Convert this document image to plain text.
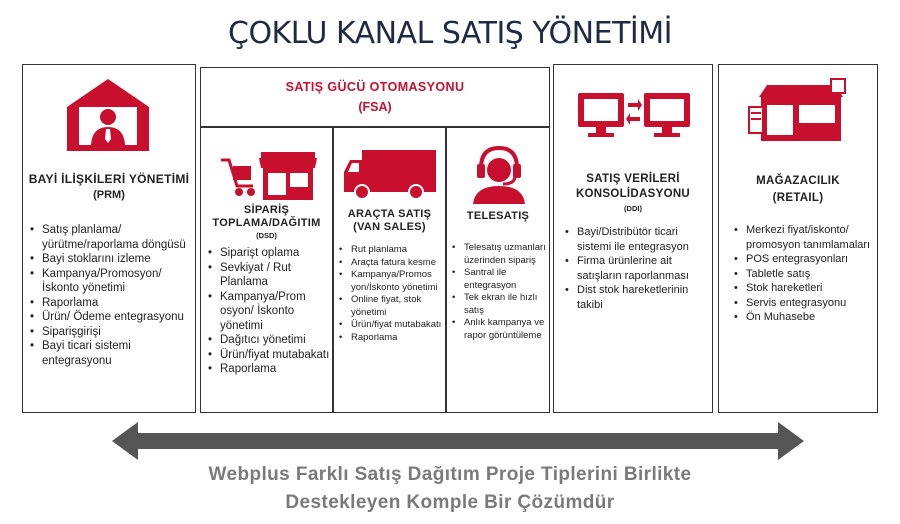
ÇOKLU KANAL SATIŞ YÖNETİMİ
BAYİ İLİŞKİLERİ YÖNETİMİ
(PRM)
• Satış planlama/ yürütme/raporlama döngüsü
• Bayi stoklarını izleme
• Kampanya/Promosyon/ İskonto yönetimi
• Raporlama
• Ürün/ Ödeme entegrasyonu
• Siparişgirişi
• Bayi ticari sistemi entegrasyonu
SATIŞ GÜCÜ OTOMASYONU
(FSA)
SİPARİŞ
TOPLAMA/DAĞITIM
(DSD)
• Siparişt oplama
• Sevkiyat / Rut Planlama
• Kampanya/Prom osyon/ İskonto yönetimi
• Dağıtıcı yönetimi
• Ürün/fiyat mutabakatı
• Raporlama
ARAÇTA SATIŞ
(VAN SALES)
• Rut planlama
• Araçta fatura kesme
• Kampanya/Promos yon/İskonto yönetimi
• Online fiyat, stok yönetimi
• Ürün/fiyat mutabakatı
• Raporlama
TELESATIŞ
• Telesatış uzmanları üzerinden sipariş
• Santral ile entegrasyon
• Tek ekran ile hızlı satış
• Anlık kampanya ve rapor görüntüleme
SATIŞ VERİLERİ
KONSOLİDASYONU
(DDI)
• Bayi/Distribütör ticari sistemi ile entegrasyon
• Firma ürünlerine ait satışların raporlanması
• Dist stok hareketlerinin takibi
MAĞAZACILIK
(RETAIL)
• Merkezi fiyat/iskonto/ promosyon tanımlamaları
• POS entegrasyonları
• Tabletle satış
• Stok hareketleri
• Servis entegrasyonu
• Ön Muhasebe
Webplus Farklı Satış Dağıtım Proje Tiplerini Birlikte
Destekleyen Komple Bir Çözümdür
